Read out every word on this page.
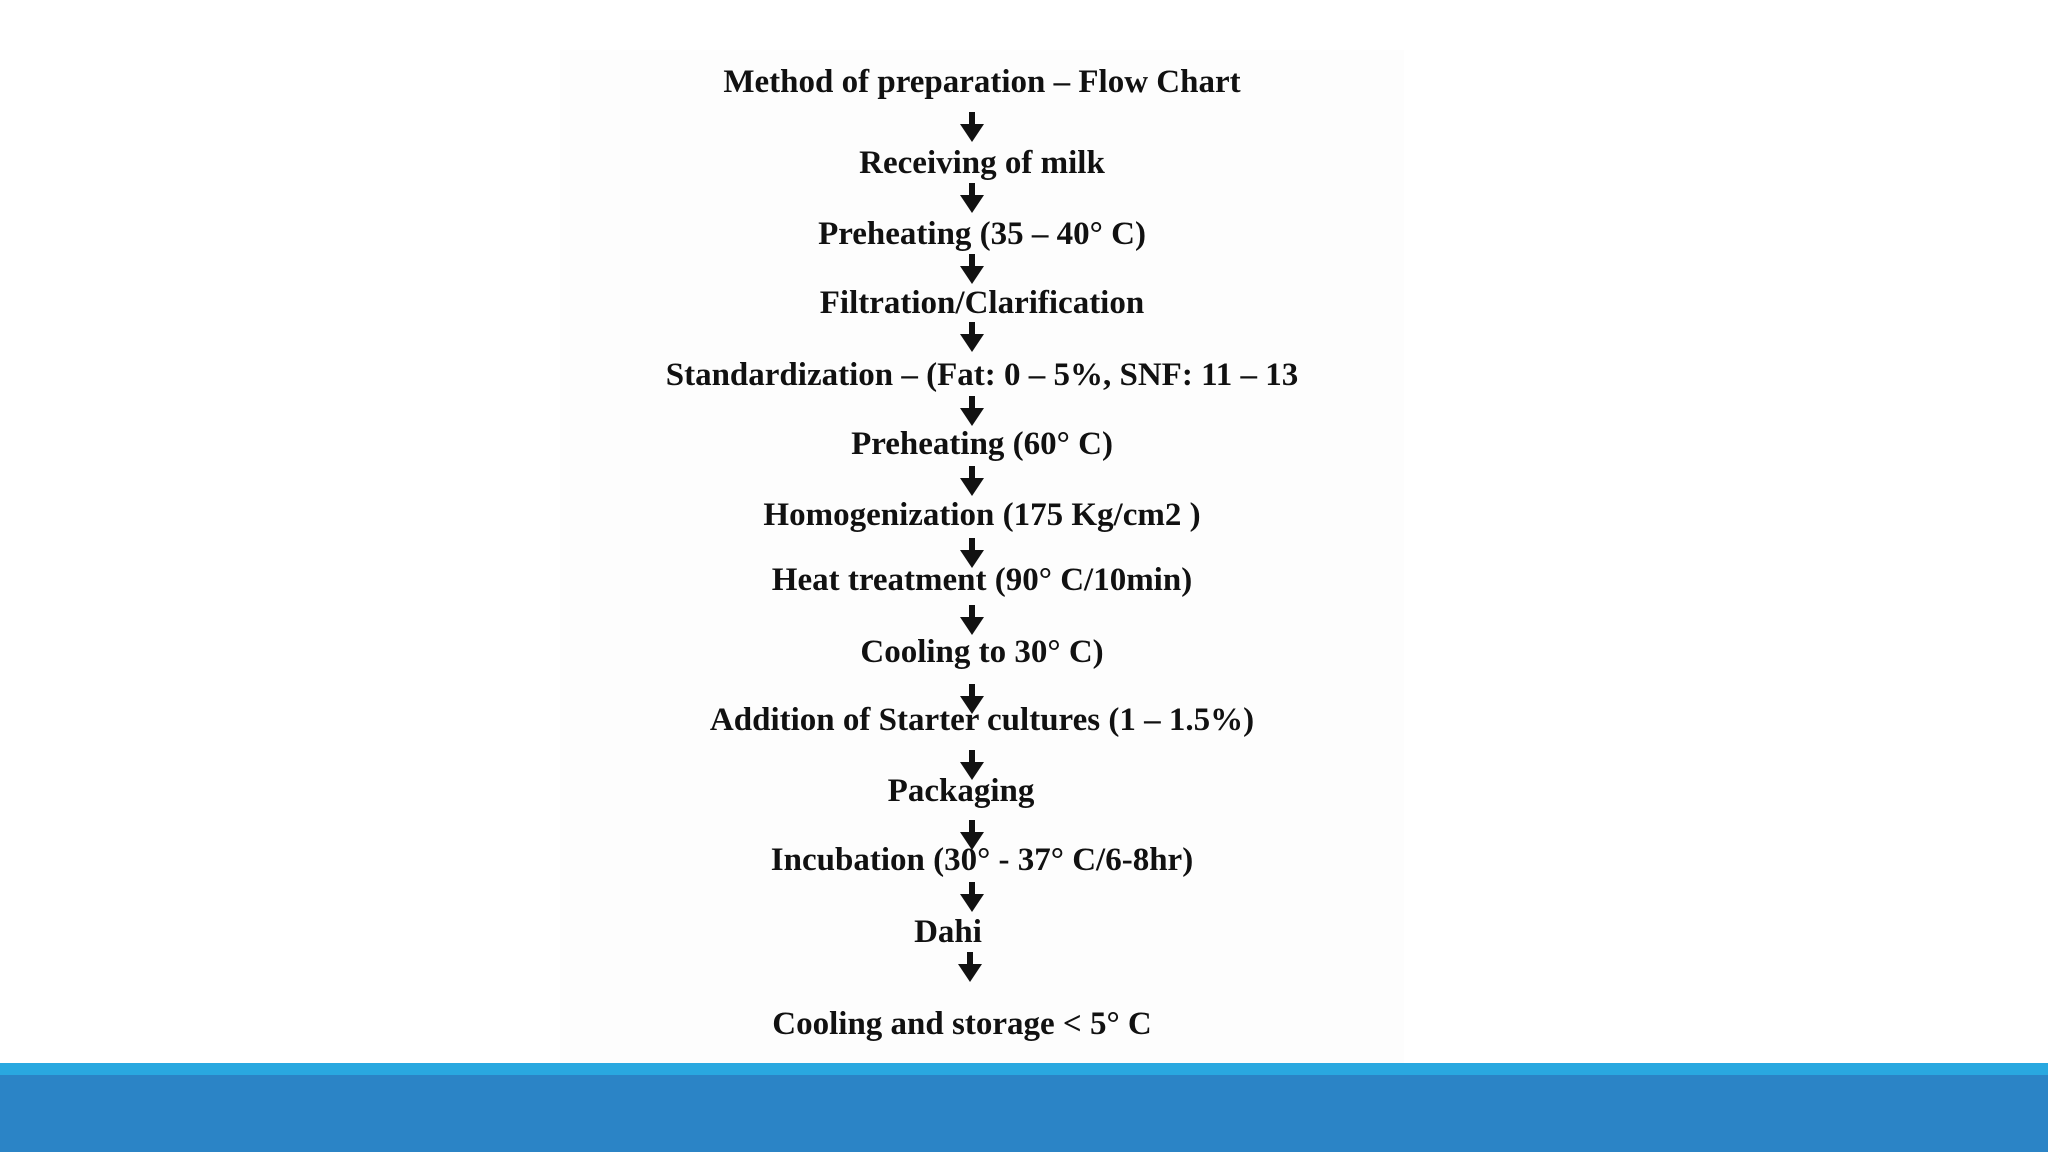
Method of preparation – Flow Chart
Receiving of milk
Preheating (35 – 40° C)
Filtration/Clarification
Standardization – (Fat: 0 – 5%, SNF: 11 – 13
Preheating (60° C)
Homogenization (175 Kg/cm2 )
Heat treatment (90° C/10min)
Cooling to 30° C)
Addition of Starter cultures (1 – 1.5%)
Packaging
Incubation (30° - 37° C/6-8hr)
Dahi
Cooling and storage < 5° C
